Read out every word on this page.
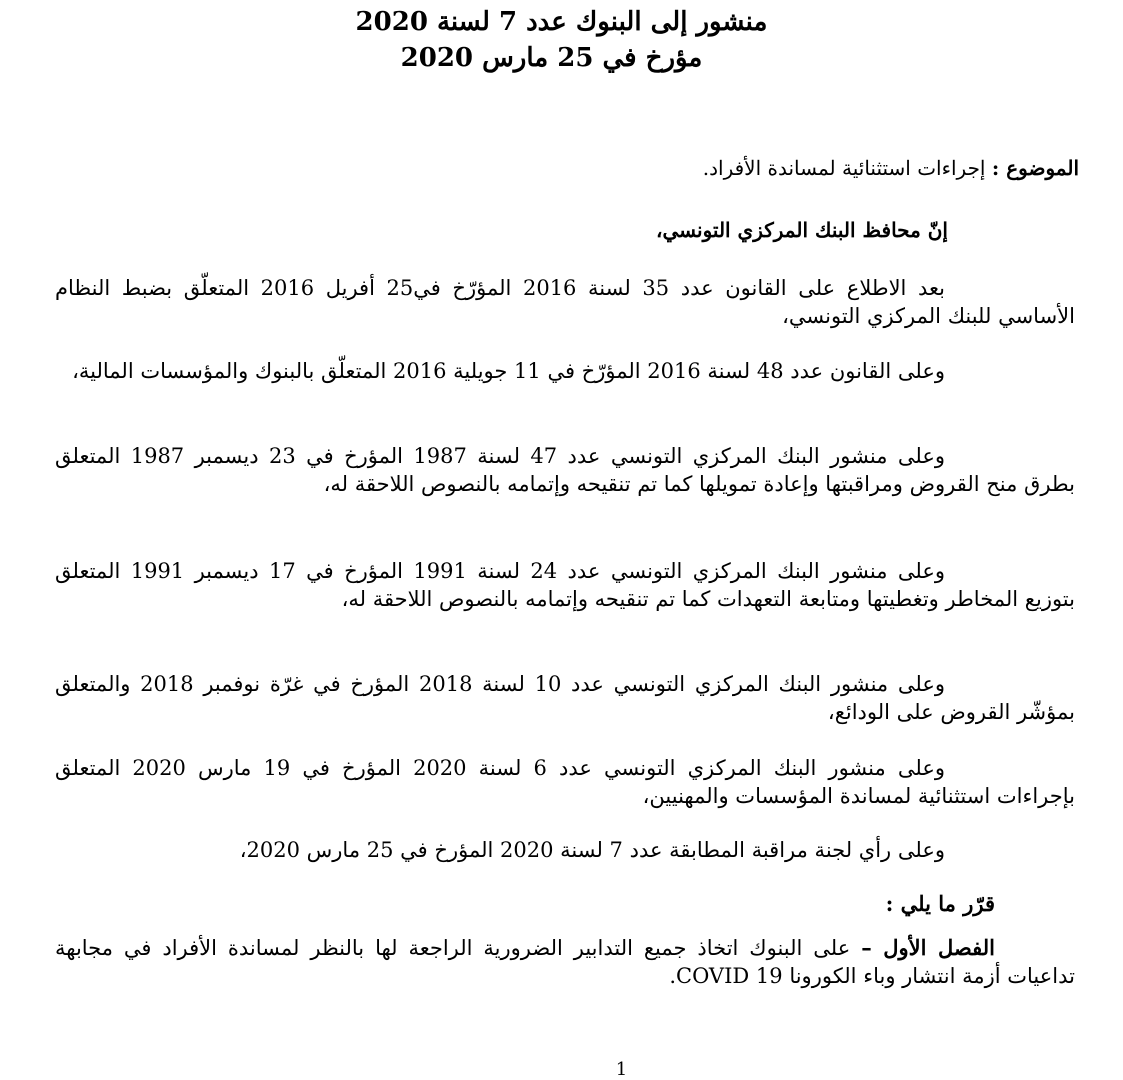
منشور إلى البنوك عدد 7 لسنة 2020
مؤرخ في 25 مارس 2020
الموضوع : إجراءات استثنائية لمساندة الأفراد.
إنّ محافظ البنك المركزي التونسي،
بعد الاطلاع على القانون عدد 35 لسنة 2016 المؤرّخ في25 أفريل 2016 المتعلّق بضبط النظام الأساسي للبنك المركزي التونسي،
وعلى القانون عدد 48 لسنة 2016 المؤرّخ في 11 جويلية 2016 المتعلّق بالبنوك والمؤسسات المالية،
وعلى منشور البنك المركزي التونسي عدد 47 لسنة 1987 المؤرخ في 23 ديسمبر 1987 المتعلق بطرق منح القروض ومراقبتها وإعادة تمويلها كما تم تنقيحه وإتمامه بالنصوص اللاحقة له،
وعلى منشور البنك المركزي التونسي عدد 24 لسنة 1991 المؤرخ في 17 ديسمبر 1991 المتعلق بتوزيع المخاطر وتغطيتها ومتابعة التعهدات كما تم تنقيحه وإتمامه بالنصوص اللاحقة له،
وعلى منشور البنك المركزي التونسي عدد 10 لسنة 2018 المؤرخ في غرّة نوفمبر 2018 والمتعلق بمؤشّر القروض على الودائع،
وعلى منشور البنك المركزي التونسي عدد 6 لسنة 2020 المؤرخ في 19 مارس 2020 المتعلق بإجراءات استثنائية لمساندة المؤسسات والمهنيين،
وعلى رأي لجنة مراقبة المطابقة عدد 7 لسنة 2020 المؤرخ في 25 مارس 2020،
قرّر ما يلي :
الفصل الأول – على البنوك اتخاذ جميع التدابير الضرورية الراجعة لها بالنظر لمساندة الأفراد في مجابهة تداعيات أزمة انتشار وباء الكورونا COVID 19.
1
